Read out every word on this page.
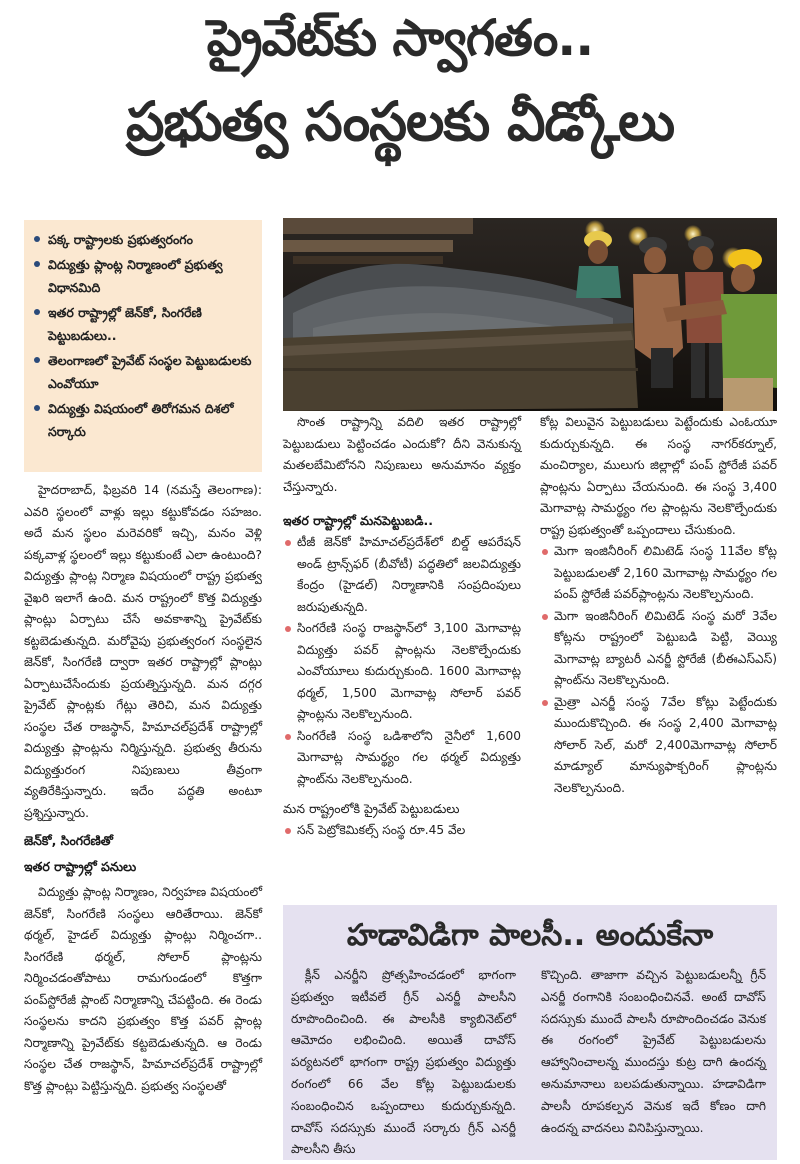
ప్రైవేట్‌కు స్వాగతం..
ప్రభుత్వ సంస్థలకు వీడ్కోలు
పక్క రాష్ట్రాలకు ప్రభుత్వరంగం
విద్యుత్తు ప్లాంట్ల నిర్మాణంలో ప్రభుత్వ విధానమిది
ఇతర రాష్ట్రాల్లో జెన్‌కో, సింగరేణి పెట్టుబడులు..
తెలంగాణలో ప్రైవేట్ సంస్థల పెట్టుబడులకు ఎంవోయూ
విద్యుత్తు విషయంలో తిరోగమన దిశలో సర్కారు

హైదరాబాద్, ఫిబ్రవరి 14 (నమస్తే తెలంగాణ): ఎవరి స్థలంలో వాళ్లు ఇల్లు కట్టుకోవడం సహజం. అదే మన స్థలం మరెవరికో ఇచ్చి, మనం వెళ్లి పక్కవాళ్ల స్థలంలో ఇల్లు కట్టుకుంటే ఎలా ఉంటుంది? విద్యుత్తు ప్లాంట్ల నిర్మాణ విషయంలో రాష్ట్ర ప్రభుత్వ వైఖరి ఇలాగే ఉంది. మన రాష్ట్రంలో కొత్త విద్యుత్తు ప్లాంట్లు ఏర్పాటు చేసే అవకాశాన్ని ప్రైవేట్‌కు కట్టబెడుతున్నది. మరోవైపు ప్రభుత్వరంగ సంస్థలైన జెన్‌కో, సింగరేణి ద్వారా ఇతర రాష్ట్రాల్లో ప్లాంట్లు ఏర్పాటుచేసేందుకు ప్రయత్నిస్తున్నది. మన దగ్గర ప్రైవేట్ ప్లాంట్లకు గేట్లు తెరిచి, మన విద్యుత్తు సంస్థల చేత రాజస్థాన్, హిమాచల్‌ప్రదేశ్ రాష్ట్రాల్లో విద్యుత్తు ప్లాంట్లను నిర్మిస్తున్నది. ప్రభుత్వ తీరును విద్యుత్తురంగ నిపుణులు తీవ్రంగా వ్యతిరేకిస్తున్నారు. ఇదేం పద్ధతి అంటూ ప్రశ్నిస్తున్నారు.

జెన్‌కో, సింగరేణితో
ఇతర రాష్ట్రాల్లో పనులు

విద్యుత్తు ప్లాంట్ల నిర్మాణం, నిర్వహణ విషయంలో జెన్‌కో, సింగరేణి సంస్థలు ఆరితేరాయి. జెన్‌కో థర్మల్, హైడల్ విద్యుత్తు ప్లాంట్లు నిర్మించగా.. సింగరేణి థర్మల్, సోలార్ ప్లాంట్లను నిర్మించడంతోపాటు రామగుండంలో కొత్తగా పంప్‌స్టోరేజీ ప్లాంట్ నిర్మాణాన్ని చేపట్టింది. ఈ రెండు సంస్థలను కాదని ప్రభుత్వం కొత్త పవర్ ప్లాంట్ల నిర్మాణాన్ని ప్రైవేట్‌కు కట్టబెడుతున్నది. ఆ రెండు సంస్థల చేత రాజస్థాన్, హిమాచల్‌ప్రదేశ్ రాష్ట్రాల్లో కొత్త ప్లాంట్లు పెట్టిస్తున్నది. ప్రభుత్వ సంస్థలతో

సొంత రాష్ట్రాన్ని వదిలి ఇతర రాష్ట్రాల్లో పెట్టుబడులు పెట్టించడం ఎందుకో? దీని వెనుకున్న మతలబేమిటోనని నిపుణులు అనుమానం వ్యక్తం చేస్తున్నారు.

ఇతర రాష్ట్రాల్లో మనపెట్టుబడి..
టీజీ జెన్‌కో హిమాచల్‌ప్రదేశ్‌లో బిల్డ్ ఆపరేషన్ అండ్ ట్రాన్స్‌ఫర్ (బీవోటీ) పద్ధతిలో జలవిద్యుత్తు కేంద్రం (హైడల్) నిర్మాణానికి సంప్రదింపులు జరుపుతున్నది.
సింగరేణి సంస్థ రాజస్థాన్‌లో 3,100 మెగావాట్ల విద్యుత్తు పవర్ ప్లాంట్లను నెలకొల్పేందుకు ఎంవోయూలు కుదుర్చుకుంది. 1600 మెగావాట్ల థర్మల్, 1,500 మెగావాట్ల సోలార్ పవర్ ప్లాంట్లను నెలకొల్పనుంది.
సింగరేణి సంస్థ ఒడిశాలోని నైనీలో 1,600 మెగావాట్ల సామర్థ్యం గల థర్మల్ విద్యుత్తు ప్లాంట్‌ను నెలకొల్పనుంది.
మన రాష్ట్రంలోకి ప్రైవేట్ పెట్టుబడులు
సన్ పెట్రోకెమికల్స్ సంస్థ రూ.45 వేల

కోట్ల విలువైన పెట్టుబడులు పెట్టేందుకు ఎంఓయూ కుదుర్చుకున్నది. ఈ సంస్థ నాగర్‌కర్నూల్, మంచిర్యాల, ములుగు జిల్లాల్లో పంప్ స్టోరేజీ పవర్ ప్లాంట్లను ఏర్పాటు చేయనుంది. ఈ సంస్థ 3,400 మెగావాట్ల సామర్థ్యం గల ప్లాంట్లను నెలకొల్పేందుకు రాష్ట్ర ప్రభుత్వంతో ఒప్పందాలు చేసుకుంది.

మెగా ఇంజినీరింగ్ లిమిటెడ్ సంస్థ 11వేల కోట్ల పెట్టుబడులతో 2,160 మెగావాట్ల సామర్థ్యం గల పంప్ స్టోరేజీ పవర్‌ప్లాంట్లను నెలకొల్పనుంది.
మెగా ఇంజినీరింగ్ లిమిటెడ్ సంస్థ మరో 3వేల కోట్లను రాష్ట్రంలో పెట్టుబడి పెట్టి, వెయ్యి మెగావాట్ల బ్యాటరీ ఎనర్జీ స్టోరేజీ (బీఈఎస్ఎస్) ప్లాంట్‌ను నెలకొల్పనుంది.
మైత్రా ఎనర్జీ సంస్థ 7వేల కోట్లు పెట్టేందుకు ముందుకొచ్చింది. ఈ సంస్థ 2,400 మెగావాట్ల సోలార్ సెల్, మరో 2,400మెగావాట్ల సోలార్ మాడ్యూల్ మాన్యుఫాక్చరింగ్ ప్లాంట్లను నెలకొల్పనుంది.
హడావిడిగా పాలసీ.. అందుకేనా

క్లీన్ ఎనర్జీని ప్రోత్సహించడంలో భాగంగా ప్రభుత్వం ఇటీవలే గ్రీన్ ఎనర్జీ పాలసీని రూపొందించింది. ఈ పాలసీకి క్యాబినెట్‌లో ఆమోదం లభించింది. అయితే దావోస్ పర్యటనలో భాగంగా రాష్ట్ర ప్రభుత్వం విద్యుత్తు రంగంలో 66 వేల కోట్ల పెట్టుబడులకు సంబంధించిన ఒప్పందాలు కుదుర్చుకున్నది. దావోస్ సదస్సుకు ముందే సర్కారు గ్రీన్ ఎనర్జీ పాలసీని తీసు

కొచ్చింది. తాజాగా వచ్చిన పెట్టుబడులన్నీ గ్రీన్ ఎనర్జీ రంగానికి సంబంధించినవే. అంటే దావోస్ సదస్సుకు ముందే పాలసీ రూపొందించడం వెనుక ఈ రంగంలో ప్రైవేట్ పెట్టుబడులను ఆహ్వానించాలన్న ముందస్తు కుట్ర దాగి ఉందన్న అనుమానాలు బలపడుతున్నాయి. హడావిడిగా పాలసీ రూపకల్పన వెనుక ఇదే కోణం దాగి ఉందన్న వాదనలు వినిపిస్తున్నాయి.
